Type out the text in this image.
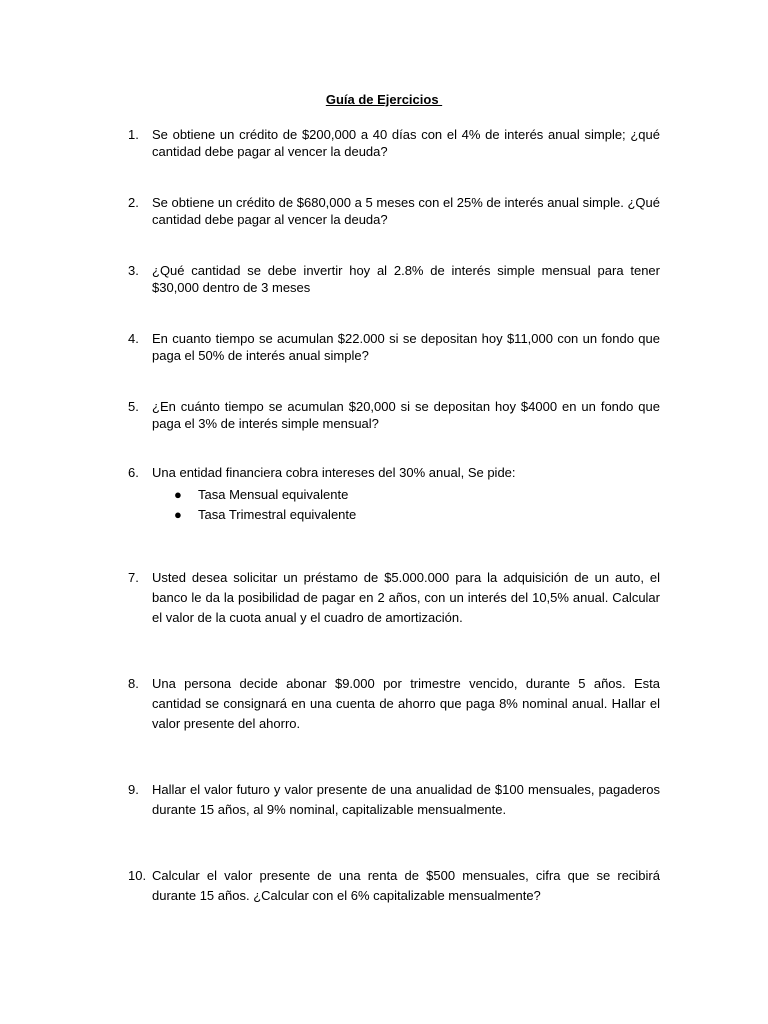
Guía de Ejercicios
1. Se obtiene un crédito de $200,000 a 40 días con el 4% de interés anual simple; ¿qué cantidad debe pagar al vencer la deuda?
2. Se obtiene un crédito de $680,000 a 5 meses con el 25% de interés anual simple. ¿Qué cantidad debe pagar al vencer la deuda?
3. ¿Qué cantidad se debe invertir hoy al 2.8% de interés simple mensual para tener $30,000 dentro de 3 meses
4. En cuanto tiempo se acumulan $22.000 si se depositan hoy $11,000 con un fondo que paga el 50% de interés anual simple?
5. ¿En cuánto tiempo se acumulan $20,000 si se depositan hoy $4000 en un fondo que paga el 3% de interés simple mensual?
6. Una entidad financiera cobra intereses del 30% anual, Se pide:
● Tasa Mensual equivalente
● Tasa Trimestral equivalente
7. Usted desea solicitar un préstamo de $5.000.000 para la adquisición de un auto, el banco le da la posibilidad de pagar en 2 años, con un interés del 10,5% anual. Calcular el valor de la cuota anual y el cuadro de amortización.
8. Una persona decide abonar $9.000 por trimestre vencido, durante 5 años. Esta cantidad se consignará en una cuenta de ahorro que paga 8% nominal anual. Hallar el valor presente del ahorro.
9. Hallar el valor futuro y valor presente de una anualidad de $100 mensuales, pagaderos durante 15 años, al 9% nominal, capitalizable mensualmente.
10. Calcular el valor presente de una renta de $500 mensuales, cifra que se recibirá durante 15 años. ¿Calcular con el 6% capitalizable mensualmente?
